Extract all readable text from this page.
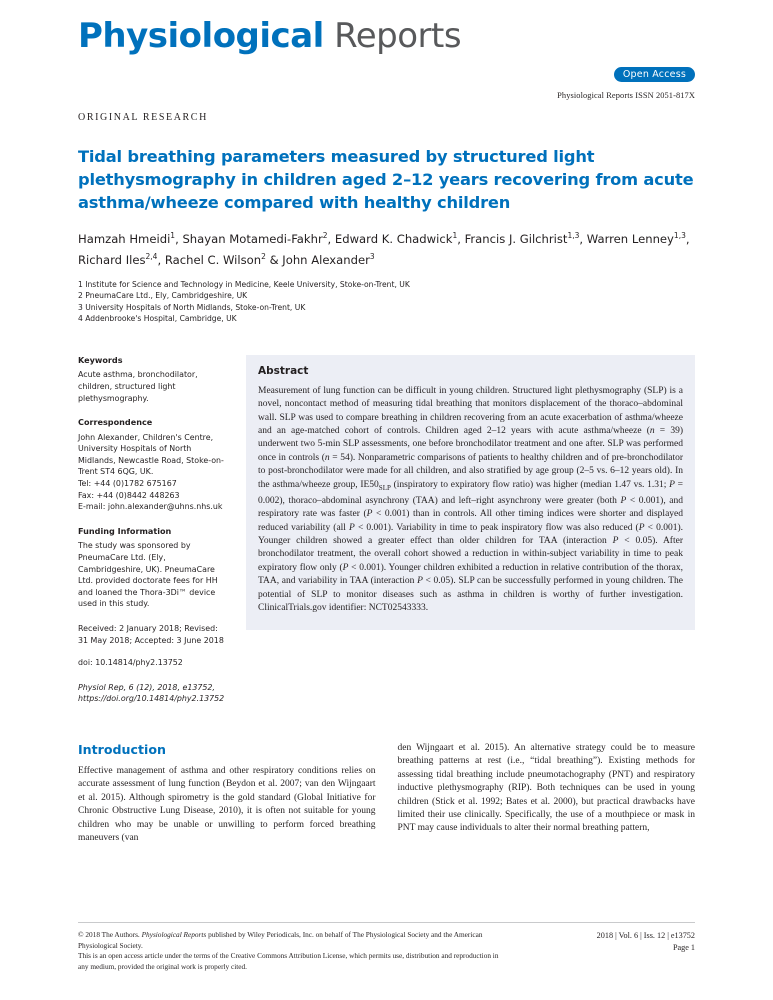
Physiological Reports
Open Access
Physiological Reports ISSN 2051-817X
ORIGINAL RESEARCH
Tidal breathing parameters measured by structured light plethysmography in children aged 2–12 years recovering from acute asthma/wheeze compared with healthy children
Hamzah Hmeidi$^1$, Shayan Motamedi-Fakhr$^2$, Edward K. Chadwick$^1$, Francis J. Gilchrist$^{1,3}$, Warren Lenney$^{1,3}$, Richard Iles$^{2,4}$, Rachel C. Wilson$^2$ & John Alexander$^3$
1 Institute for Science and Technology in Medicine, Keele University, Stoke-on-Trent, UK
2 PneumaCare Ltd., Ely, Cambridgeshire, UK
3 University Hospitals of North Midlands, Stoke-on-Trent, UK
4 Addenbrooke's Hospital, Cambridge, UK
Keywords

Acute asthma, bronchodilator, children, structured light plethysmography.

Correspondence

John Alexander, Children's Centre, University Hospitals of North Midlands, Newcastle Road, Stoke-on-Trent ST4 6QG, UK.

Tel: +44 (0)1782 675167

Fax: +44 (0)8442 448263

E-mail: john.alexander@uhns.nhs.uk

Funding Information

The study was sponsored by PneumaCare Ltd. (Ely, Cambridgeshire, UK). PneumaCare Ltd. provided doctorate fees for HH and loaned the Thora-3Di™ device used in this study.

Received: 2 January 2018; Revised: 31 May 2018; Accepted: 3 June 2018

doi: 10.14814/phy2.13752

Physiol Rep, 6 (12), 2018, e13752, https://doi.org/10.14814/phy2.13752

Abstract

Measurement of lung function can be difficult in young children. Structured light plethysmography (SLP) is a novel, noncontact method of measuring tidal breathing that monitors displacement of the thoraco–abdominal wall. SLP was used to compare breathing in children recovering from an acute exacerbation of asthma/wheeze and an age-matched cohort of controls. Children aged 2–12 years with acute asthma/wheeze (n = 39) underwent two 5-min SLP assessments, one before bronchodilator treatment and one after. SLP was performed once in controls (n = 54). Nonparametric comparisons of patients to healthy children and of pre-bronchodilator to post-bronchodilator were made for all children, and also stratified by age group (2–5 vs. 6–12 years old). In the asthma/wheeze group, $IE50_{SLP}$ (inspiratory to expiratory flow ratio) was higher (median 1.47 vs. 1.31; P = 0.002), thoraco–abdominal asynchrony (TAA) and left–right asynchrony were greater (both P < 0.001), and respiratory rate was faster (P < 0.001) than in controls. All other timing indices were shorter and displayed reduced variability (all P < 0.001). Variability in time to peak inspiratory flow was also reduced (P < 0.001). Younger children showed a greater effect than older children for TAA (interaction P < 0.05). After bronchodilator treatment, the overall cohort showed a reduction in within-subject variability in time to peak expiratory flow only (P < 0.001). Younger children exhibited a reduction in relative contribution of the thorax, TAA, and variability in TAA (interaction P < 0.05). SLP can be successfully performed in young children. The potential of SLP to monitor diseases such as asthma in children is worthy of further investigation. ClinicalTrials.gov identifier: NCT02543333.

Introduction

Effective management of asthma and other respiratory conditions relies on accurate assessment of lung function (Beydon et al. 2007; van den Wijngaart et al. 2015). Although spirometry is the gold standard (Global Initiative for Chronic Obstructive Lung Disease, 2010), it is often not suitable for young children who may be unable or unwilling to perform forced breathing maneuvers (van

den Wijngaart et al. 2015). An alternative strategy could be to measure breathing patterns at rest (i.e., “tidal breathing”). Existing methods for assessing tidal breathing include pneumotachography (PNT) and respiratory inductive plethysmography (RIP). Both techniques can be used in young children (Stick et al. 1992; Bates et al. 2000), but practical drawbacks have limited their use clinically. Specifically, the use of a mouthpiece or mask in PNT may cause individuals to alter their normal breathing pattern,

© 2018 The Authors. Physiological Reports published by Wiley Periodicals, Inc. on behalf of The Physiological Society and the American Physiological Society.
This is an open access article under the terms of the Creative Commons Attribution License, which permits use, distribution and reproduction in any medium, provided the original work is properly cited.
2018 | Vol. 6 | Iss. 12 | e13752
Page 1
